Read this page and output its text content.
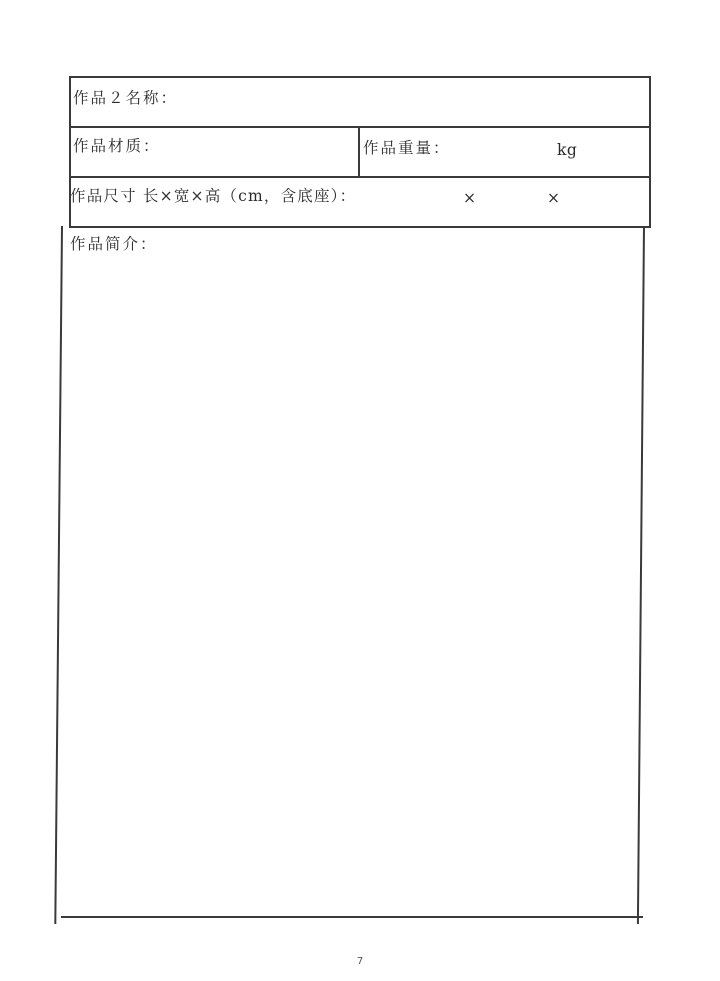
作品２名称：
作品材质：	作品重量：	kg
作品尺寸 长×宽×高（cm，含底座）：	×	×
作品简介：
7
